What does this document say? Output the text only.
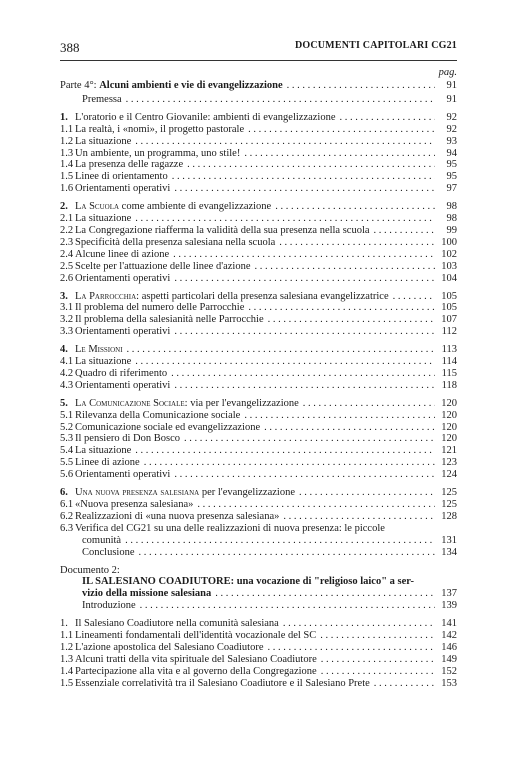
388	DOCUMENTI CAPITOLARI CG21
pag.
Parte 4°: Alcuni ambienti e vie di evangelizzazione . . .	91
Premessa . . .	91
1. L'oratorio e il Centro Giovanile: ambienti di evangelizzazione . . .	92
1.1 La realtà, i «nomi», il progetto pastorale . . .	92
1.2 La situazione . . .	93
1.3 Un ambiente, un programma, uno stile! . . .	94
1.4 La presenza delle ragazze . . .	95
1.5 Linee di orientamento . . .	95
1.6 Orientamenti operativi . . .	97
2. La Scuola come ambiente di evangelizzazione . . .	98
2.1 La situazione . . .	98
2.2 La Congregazione riafferma la validità della sua presenza nella scuola . . .	99
2.3 Specificità della presenza salesiana nella scuola . . .	100
2.4 Alcune linee di azione . . .	102
2.5 Scelte per l'attuazione delle linee d'azione . . .	103
2.6 Orientamenti operativi . . .	104
3. La Parrocchia: aspetti particolari della presenza salesiana evangelizzatrice . . .	105
3.1 Il problema del numero delle Parrocchie . . .	105
3.2 Il problema della salesianità nelle Parrocchie . . .	107
3.3 Orientamenti operativi . . .	112
4. Le Missioni . . .	113
4.1 La situazione . . .	114
4.2 Quadro di riferimento . . .	115
4.3 Orientamenti operativi . . .	118
5. La Comunicazione Sociale: via per l'evangelizzazione . . .	120
5.1 Rilevanza della Comunicazione sociale . . .	120
5.2 Comunicazione sociale ed evangelizzazione . . .	120
5.3 Il pensiero di Don Bosco . . .	120
5.4 La situazione . . .	121
5.5 Linee di azione . . .	123
5.6 Orientamenti operativi . . .	124
6. Una nuova presenza salesiana per l'evangelizzazione . . .	125
6.1 «Nuova presenza salesiana» . . .	125
6.2 Realizzazioni di «una nuova presenza salesiana» . . .	128
6.3 Verifica del CG21 su una delle realizzazioni di nuova presenza: le piccole
comunità . . .	131
Conclusione . . .	134
Documento 2:
IL SALESIANO COADIUTORE: una vocazione di "religioso laico" a ser-
vizio della missione salesiana . . .	137
Introduzione . . .	139
1. Il Salesiano Coadiutore nella comunità salesiana . . .	141
1.1 Lineamenti fondamentali dell'identità vocazionale del SC . . .	142
1.2 L'azione apostolica del Salesiano Coadiutore . . .	146
1.3 Alcuni tratti della vita spirituale del Salesiano Coadiutore . . .	149
1.4 Partecipazione alla vita e al governo della Congregazione . . .	152
1.5 Essenziale correlatività tra il Salesiano Coadiutore e il Salesiano Prete . . .	153
